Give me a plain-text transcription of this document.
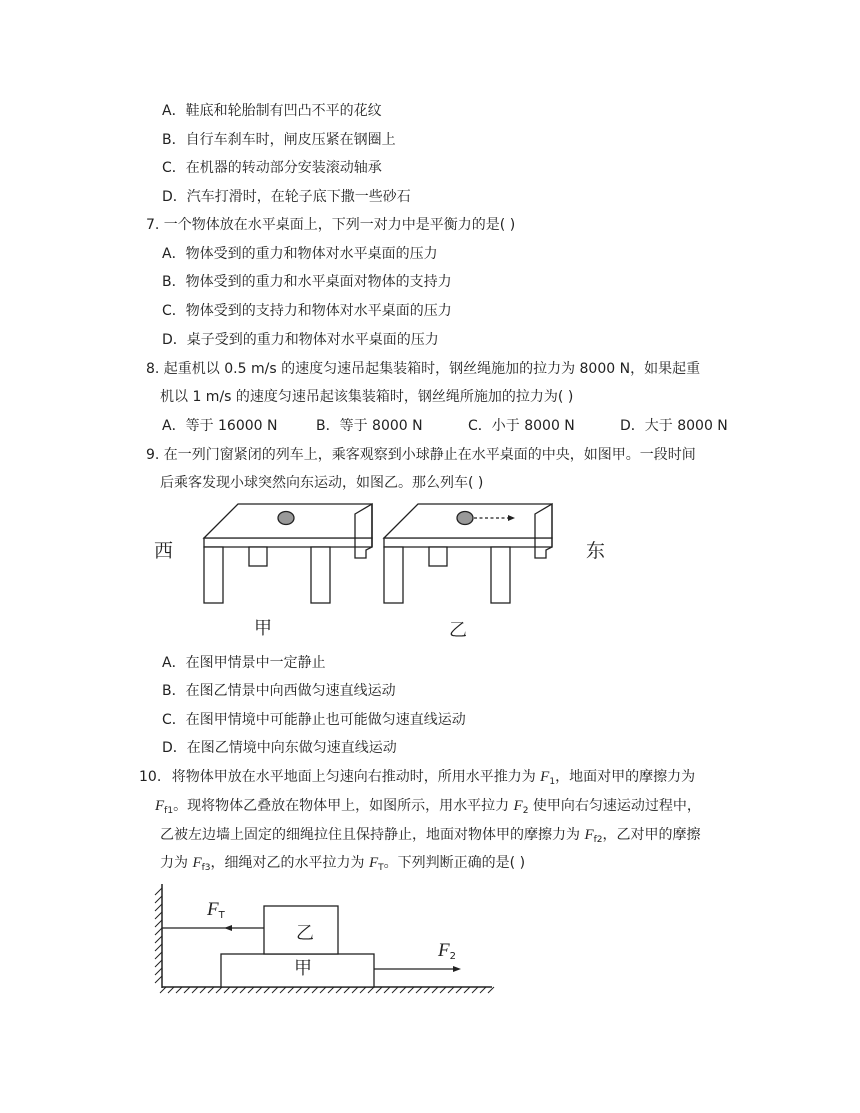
A．鞋底和轮胎制有凹凸不平的花纹
B．自行车刹车时，闸皮压紧在钢圈上
C．在机器的转动部分安装滚动轴承
D．汽车打滑时，在轮子底下撒一些砂石
7. 一个物体放在水平桌面上，下列一对力中是平衡力的是( )
A．物体受到的重力和物体对水平桌面的压力
B．物体受到的重力和水平桌面对物体的支持力
C．物体受到的支持力和物体对水平桌面的压力
D．桌子受到的重力和物体对水平桌面的压力
8. 起重机以 0.5 m/s 的速度匀速吊起集装箱时，钢丝绳施加的拉力为 8000 N，如果起重
机以 1 m/s 的速度匀速吊起该集装箱时，钢丝绳所施加的拉力为( )
A．等于 16000 N	B．等于 8000 N	C．小于 8000 N	D．大于 8000 N
9. 在一列门窗紧闭的列车上，乘客观察到小球静止在水平桌面的中央，如图甲。一段时间
后乘客发现小球突然向东运动，如图乙。那么列车( )
西	东
甲	乙
A．在图甲情景中一定静止
B．在图乙情景中向西做匀速直线运动
C．在图甲情境中可能静止也可能做匀速直线运动
D．在图乙情境中向东做匀速直线运动
10. 将物体甲放在水平地面上匀速向右推动时，所用水平推力为 $F_1$，地面对甲的摩擦力为
$F_{f1}$。现将物体乙叠放在物体甲上，如图所示，用水平拉力 $F_2$ 使甲向右匀速运动过程中，
乙被左边墙上固定的细绳拉住且保持静止，地面对物体甲的摩擦力为 $F_{f2}$，乙对甲的摩擦
力为 $F_{f3}$，细绳对乙的水平拉力为 $F_T$。下列判断正确的是( )
乙
甲
$F_T$
$F_2$
